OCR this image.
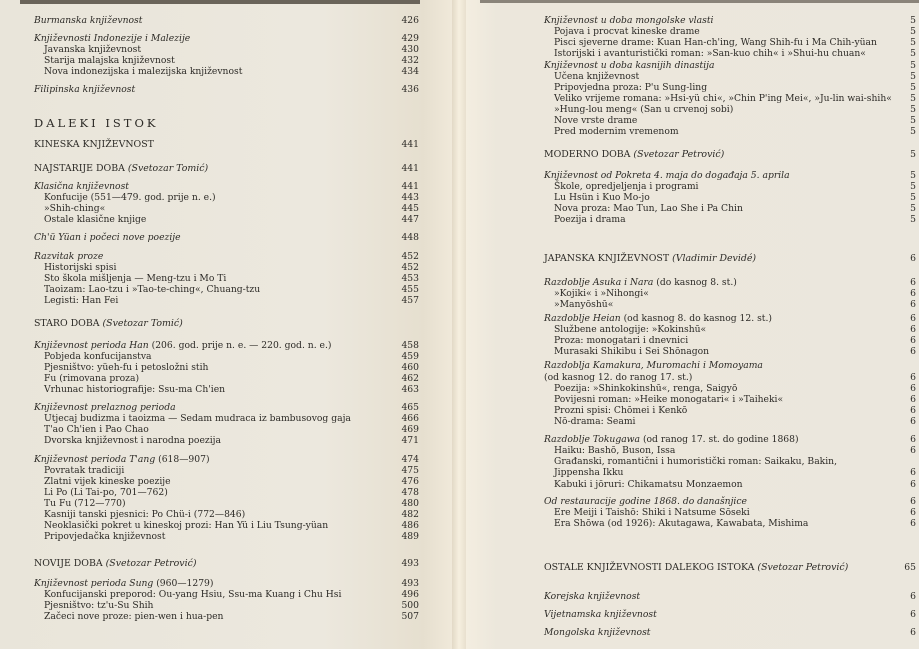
Burmanska književnost	426
Književnosti Indonezije i Malezije	429
Javanska književnost	430
Starija malajska književnost	432
Nova indonezijska i malezijska književnost	434
Filipinska književnost	436
DALEKI ISTOK
KINESKA KNJIŽEVNOST	441
NAJSTARIJE DOBA (Svetozar Tomić)	441
Klasična književnost	441
Konfucije (551—479. god. prije n. e.)	443
»Shih-ching«	445
Ostale klasične knjige	447
Ch'ü Yüan i počeci nove poezije	448
Razvitak proze	452
Historijski spisi	452
Sto škola mišljenja — Meng-tzu i Mo Ti	453
Taoizam: Lao-tzu i »Tao-te-ching«, Chuang-tzu	455
Legisti: Han Fei	457
STARO DOBA (Svetozar Tomić)
Književnost perioda Han (206. god. prije n. e. — 220. god. n. e.)	458
Pobjeda konfucijanstva	459
Pjesništvo: yüeh-fu i petosložni stih	460
Fu (rimovana proza)	462
Vrhunac historiografije: Ssu-ma Ch'ien	463
Književnost prelaznog perioda	465
Utjecaj budizma i taoizma — Sedam mudraca iz bambusovog gaja	466
T'ao Ch'ien i Pao Chao	469
Dvorska književnost i narodna poezija	471
Književnost perioda T'ang (618—907)	474
Povratak tradiciji	475
Zlatni vijek kineske poezije	476
Li Po (Li Tai-po, 701—762)	478
Tu Fu (712—770)	480
Kasniji tanski pjesnici: Po Chü-i (772—846)	482
Neoklasički pokret u kineskoj prozi: Han Yü i Liu Tsung-yüan	486
Pripovjedačka književnost	489
NOVIJE DOBA (Svetozar Petrović)	493
Književnost perioda Sung (960—1279)	493
Konfucijanski preporod: Ou-yang Hsiu, Ssu-ma Kuang i Chu Hsi	496
Pjesništvo: tz'u-Su Shih	500
Začeci nove proze: pien-wen i hua-pen	507
Književnost u doba mongolske vlasti	5
Pojava i procvat kineske drame	5
Pisci sjeverne drame: Kuan Han-ch'ing, Wang Shih-fu i Ma Chih-yüan	5
Istorijski i avanturistički roman: »San-kuo chih« i »Shui-hu chuan«	5
Književnost u doba kasnijih dinastija	5
Učena književnost	5
Pripovjedna proza: P'u Sung-ling	5
Veliko vrijeme romana: »Hsi-yü chi«, »Chin P'ing Mei«, »Ju-lin wai-shih« 5
»Hung-lou meng« (San u crvenoj sobi)	5
Nove vrste drame	5
Pred modernim vremenom	5
MODERNO DOBA (Svetozar Petrović)	5
Književnost od Pokreta 4. maja do događaja 5. aprila	5
Škole, opredjeljenja i programi	5
Lu Hsün i Kuo Mo-jo	5
Nova proza: Mao Tun, Lao She i Pa Chin	5
Poezija i drama	5
JAPANSKA KNJIŽEVNOST (Vladimir Devidé)	6
Razdoblje Asuka i Nara (do kasnog 8. st.)	6
»Kojiki« i »Nihongi«	6
»Manyōshū«	6
Razdoblje Heian (od kasnog 8. do kasnog 12. st.)	6
Službene antologije: »Kokinshū«	6
Proza: monogatari i dnevnici	6
Murasaki Shikibu i Sei Shōnagon	6
Razdoblja Kamakura, Muromachi i Momoyama
(od kasnog 12. do ranog 17. st.)	6
Poezija: »Shinkokinshū«, renga, Saigyō	6
Povijesni roman: »Heike monogatari« i »Taiheki«	6
Prozni spisi: Chōmei i Kenkō	6
Nō-drama: Seami	6
Razdoblje Tokugawa (od ranog 17. st. do godine 1868)	6
Haiku: Bashō, Buson, Issa	6
Građanski, romantični i humoristički roman: Saikaku, Bakin,
Jippensha Ikku	6
Kabuki i jōruri: Chikamatsu Monzaemon	6
Od restauracije godine 1868. do današnjice	6
Ere Meiji i Taishō: Shiki i Natsume Sōseki	6
Era Shōwa (od 1926): Akutagawa, Kawabata, Mishima	6
OSTALE KNJIŽEVNOSTI DALEKOG ISTOKA (Svetozar Petrović)	65
Korejska književnost	6
Vijetnamska književnost	6
Mongolska književnost	6
